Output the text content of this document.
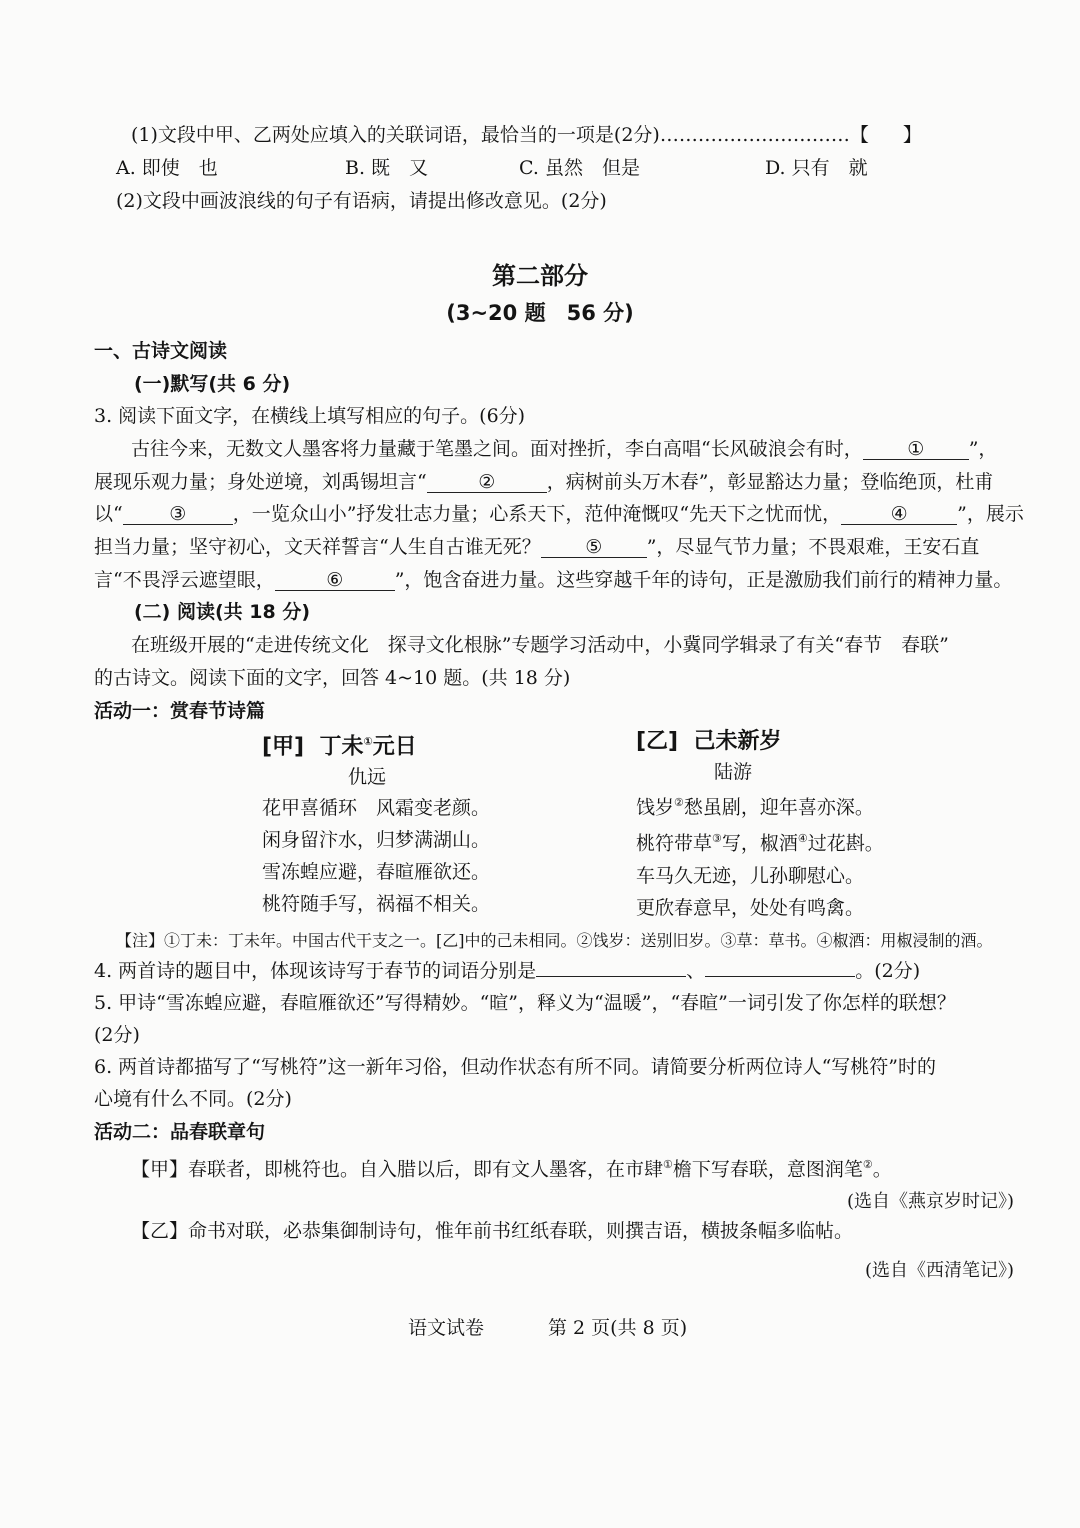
(1)文段中甲、乙两处应填入的关联词语，最恰当的一项是(2分)…………………………【 】
A. 即使　也	B. 既　又	C. 虽然　但是	D. 只有　就
(2)文段中画波浪线的句子有语病，请提出修改意见。(2分)
第二部分
(3~20 题　56 分)
一、古诗文阅读
(一)默写(共 6 分)
3. 阅读下面文字，在横线上填写相应的句子。(6分)
古往今来，无数文人墨客将力量藏于笔墨之间。面对挫折，李白高唱“长风破浪会有时， ① ”，
展现乐观力量；身处逆境，刘禹锡坦言“	②	，病树前头万木春”，彰显豁达力量；登临绝顶，杜甫
以“ ③ ，一览众山小”抒发壮志力量；心系天下，范仲淹慨叹“先天下之忧而忧，	④	”，展示
担当力量；坚守初心，文天祥誓言“人生自古谁无死？ ⑤ ”，尽显气节力量；不畏艰难，王安石直
言“不畏浮云遮望眼，	⑥	”，饱含奋进力量。这些穿越千年的诗句，正是激励我们前行的精神力量。
(二) 阅读(共 18 分)
在班级开展的“走进传统文化　探寻文化根脉”专题学习活动中，小冀同学辑录了有关“春节　春联”
的古诗文。阅读下面的文字，回答 4~10 题。(共 18 分)
活动一：赏春节诗篇
[甲] 丁未①元日
仇远
花甲喜循环　风霜变老颜。
闲身留汴水，归梦满湖山。
雪冻蝗应避，春暄雁欲还。
桃符随手写，祸福不相关。
[乙] 己未新岁
陆游
饯岁②愁虽剧，迎年喜亦深。
桃符带草③写，椒酒④过花斟。
车马久无迹，儿孙聊慰心。
更欣春意早，处处有鸣禽。
【注】①丁未：丁未年。中国古代干支之一。[乙]中的己未相同。②饯岁：送别旧岁。③草：草书。④椒酒：用椒浸制的酒。
4. 两首诗的题目中，体现该诗写于春节的词语分别是	、	。(2分)
5. 甲诗“雪冻蝗应避，春暄雁欲还”写得精妙。“暄”，释义为“温暖”，“春暄”一词引发了你怎样的联想？
(2分)
6. 两首诗都描写了“写桃符”这一新年习俗，但动作状态有所不同。请简要分析两位诗人“写桃符”时的
心境有什么不同。(2分)
活动二：品春联章句
【甲】春联者，即桃符也。自入腊以后，即有文人墨客，在市肆①檐下写春联，意图润笔②。
(选自《燕京岁时记》)
【乙】命书对联，必恭集御制诗句，惟年前书红纸春联，则撰吉语，横披条幅多临帖。
(选自《西清笔记》)
语文试卷	第 2 页(共 8 页)
